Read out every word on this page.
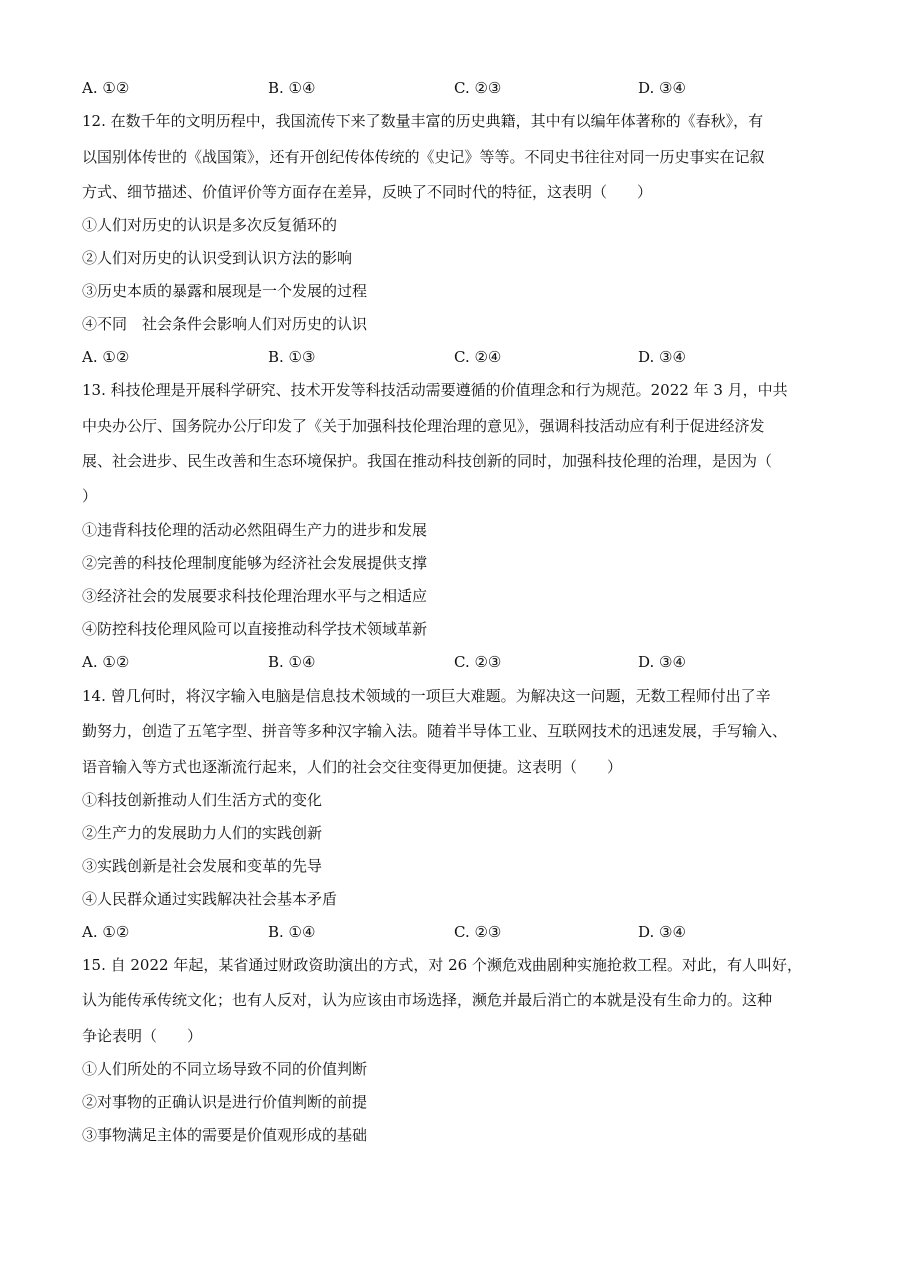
A. ①②	B. ①④	C. ②③	D. ③④
12. 在数千年的文明历程中，我国流传下来了数量丰富的历史典籍，其中有以编年体著称的《春秋》，有
以国别体传世的《战国策》，还有开创纪传体传统的《史记》等等。不同史书往往对同一历史事实在记叙
方式、细节描述、价值评价等方面存在差异，反映了不同时代的特征，这表明（　　）
①人们对历史的认识是多次反复循环的
②人们对历史的认识受到认识方法的影响
③历史本质的暴露和展现是一个发展的过程
④不同　社会条件会影响人们对历史的认识
A. ①②	B. ①③	C. ②④	D. ③④
13. 科技伦理是开展科学研究、技术开发等科技活动需要遵循的价值理念和行为规范。2022 年 3 月，中共
中央办公厅、国务院办公厅印发了《关于加强科技伦理治理的意见》，强调科技活动应有利于促进经济发
展、社会进步、民生改善和生态环境保护。我国在推动科技创新的同时，加强科技伦理的治理，是因为（
）
①违背科技伦理的活动必然阻碍生产力的进步和发展
②完善的科技伦理制度能够为经济社会发展提供支撑
③经济社会的发展要求科技伦理治理水平与之相适应
④防控科技伦理风险可以直接推动科学技术领域革新
A. ①②	B. ①④	C. ②③	D. ③④
14. 曾几何时，将汉字输入电脑是信息技术领域的一项巨大难题。为解决这一问题，无数工程师付出了辛
勤努力，创造了五笔字型、拼音等多种汉字输入法。随着半导体工业、互联网技术的迅速发展，手写输入、
语音输入等方式也逐渐流行起来，人们的社会交往变得更加便捷。这表明（　　）
①科技创新推动人们生活方式的变化
②生产力的发展助力人们的实践创新
③实践创新是社会发展和变革的先导
④人民群众通过实践解决社会基本矛盾
A. ①②	B. ①④	C. ②③	D. ③④
15. 自 2022 年起，某省通过财政资助演出的方式，对 26 个濒危戏曲剧种实施抢救工程。对此，有人叫好，
认为能传承传统文化；也有人反对，认为应该由市场选择，濒危并最后消亡的本就是没有生命力的。这种
争论表明（　　）
①人们所处的不同立场导致不同的价值判断
②对事物的正确认识是进行价值判断的前提
③事物满足主体的需要是价值观形成的基础
